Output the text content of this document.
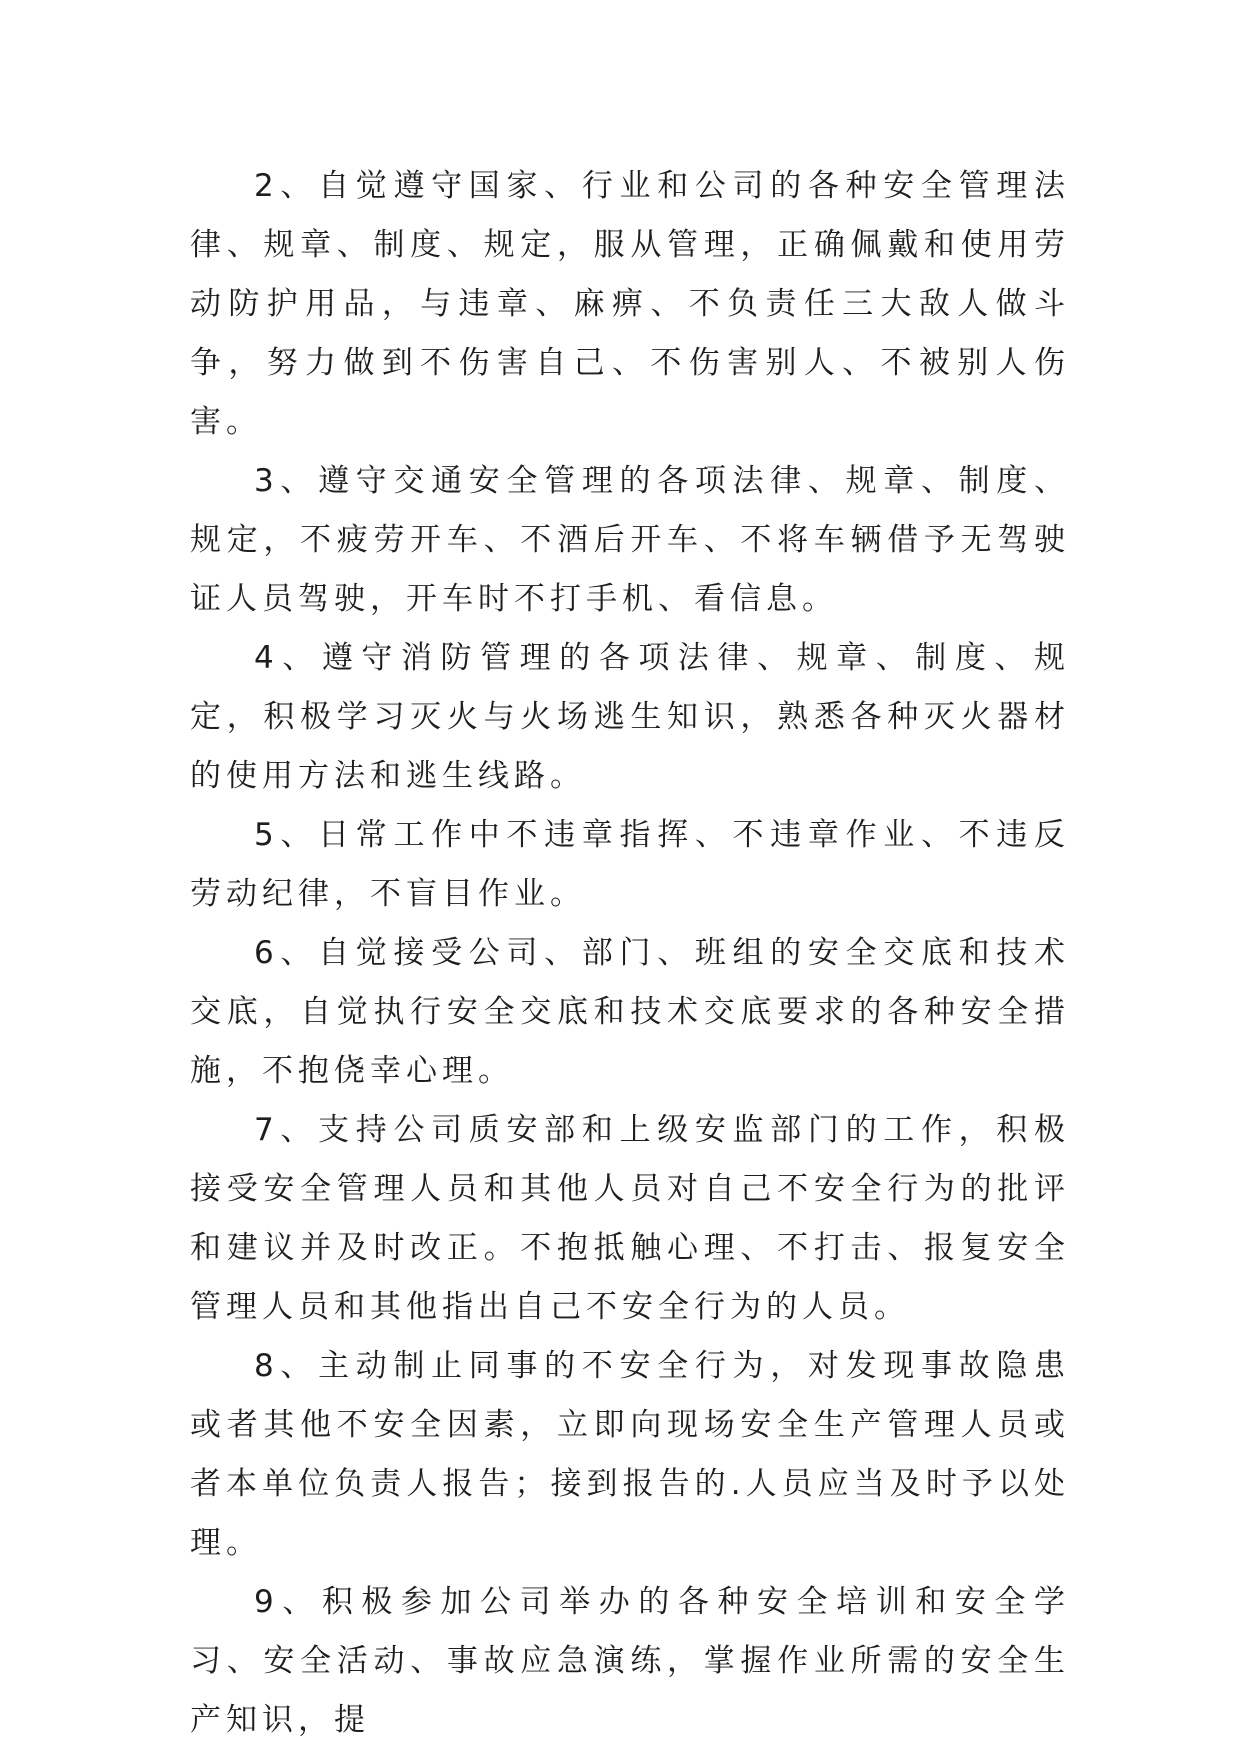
2、自觉遵守国家、行业和公司的各种安全管理法律、规章、制度、规定，服从管理，正确佩戴和使用劳动防护用品，与违章、麻痹、不负责任三大敌人做斗争，努力做到不伤害自己、不伤害别人、不被别人伤害。

3、遵守交通安全管理的各项法律、规章、制度、规定，不疲劳开车、不酒后开车、不将车辆借予无驾驶证人员驾驶，开车时不打手机、看信息。

4、遵守消防管理的各项法律、规章、制度、规定，积极学习灭火与火场逃生知识，熟悉各种灭火器材的使用方法和逃生线路。

5、日常工作中不违章指挥、不违章作业、不违反劳动纪律，不盲目作业。

6、自觉接受公司、部门、班组的安全交底和技术交底，自觉执行安全交底和技术交底要求的各种安全措施，不抱侥幸心理。

7、支持公司质安部和上级安监部门的工作，积极接受安全管理人员和其他人员对自己不安全行为的批评和建议并及时改正。不抱抵触心理、不打击、报复安全管理人员和其他指出自己不安全行为的人员。

8、主动制止同事的不安全行为，对发现事故隐患或者其他不安全因素，立即向现场安全生产管理人员或者本单位负责人报告；接到报告的.人员应当及时予以处理。

9、积极参加公司举办的各种安全培训和安全学习、安全活动、事故应急演练，掌握作业所需的安全生产知识，提
